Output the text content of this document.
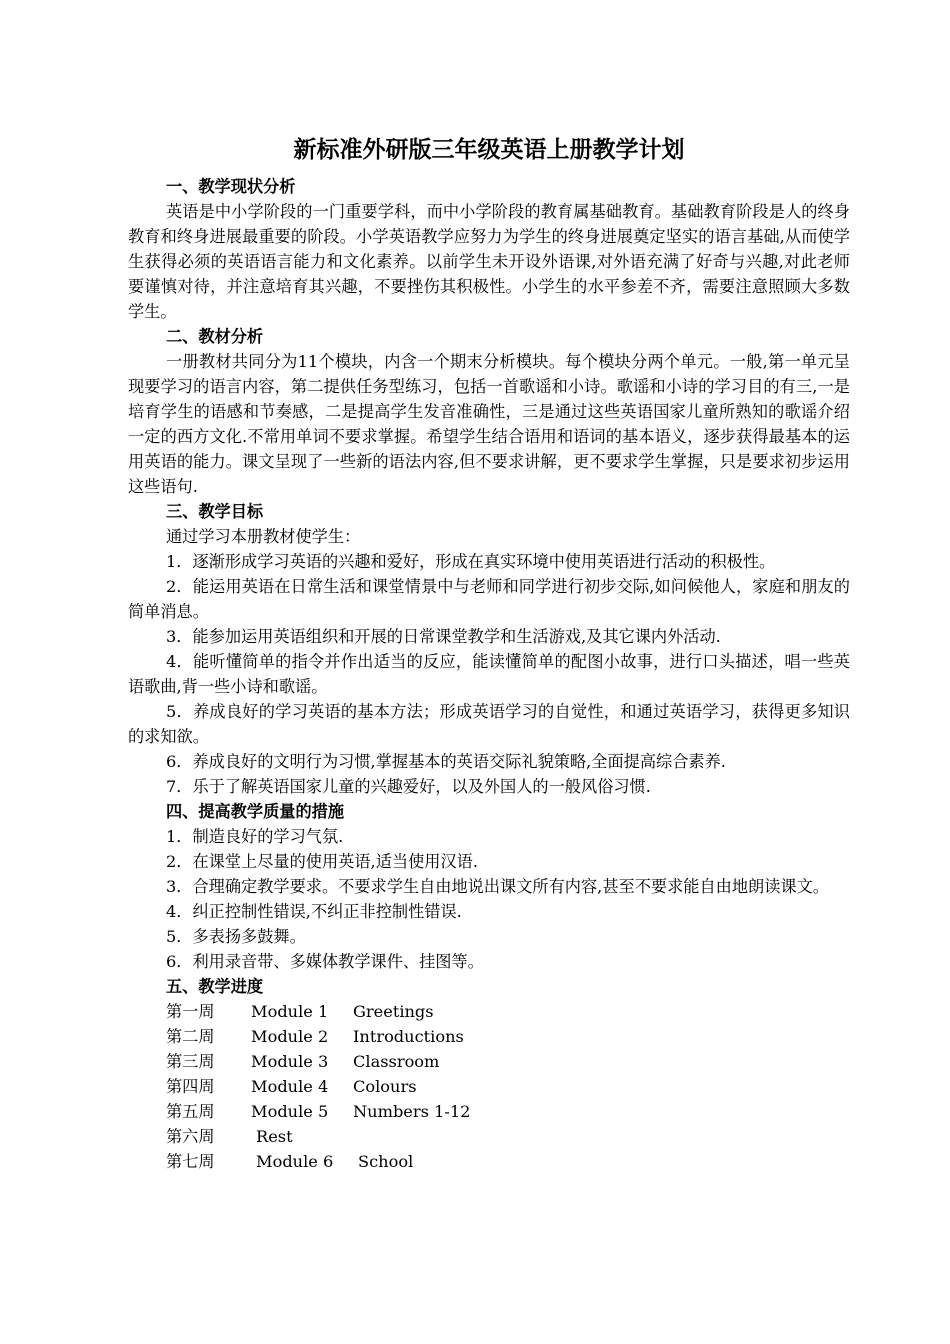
新标准外研版三年级英语上册教学计划

一、教学现状分析

英语是中小学阶段的一门重要学科，而中小学阶段的教育属基础教育。基础教育阶段是人的终身教育和终身进展最重要的阶段。小学英语教学应努力为学生的终身进展奠定坚实的语言基础,从而使学生获得必须的英语语言能力和文化素养。以前学生未开设外语课,对外语充满了好奇与兴趣,对此老师要谨慎对待，并注意培育其兴趣，不要挫伤其积极性。小学生的水平参差不齐，需要注意照顾大多数学生。

二、教材分析

一册教材共同分为11个模块，内含一个期末分析模块。每个模块分两个单元。一般,第一单元呈现要学习的语言内容，第二提供任务型练习，包括一首歌谣和小诗。歌谣和小诗的学习目的有三,一是培育学生的语感和节奏感，二是提高学生发音准确性，三是通过这些英语国家儿童所熟知的歌谣介绍一定的西方文化.不常用单词不要求掌握。希望学生结合语用和语词的基本语义，逐步获得最基本的运用英语的能力。课文呈现了一些新的语法内容,但不要求讲解，更不要求学生掌握，只是要求初步运用这些语句.

三、教学目标

通过学习本册教材使学生：

1．逐渐形成学习英语的兴趣和爱好，形成在真实环境中使用英语进行活动的积极性。

2．能运用英语在日常生活和课堂情景中与老师和同学进行初步交际,如问候他人，家庭和朋友的简单消息。

3．能参加运用英语组织和开展的日常课堂教学和生活游戏,及其它课内外活动.

4．能听懂简单的指令并作出适当的反应，能读懂简单的配图小故事，进行口头描述，唱一些英语歌曲,背一些小诗和歌谣。

5．养成良好的学习英语的基本方法；形成英语学习的自觉性，和通过英语学习，获得更多知识的求知欲。

6．养成良好的文明行为习惯,掌握基本的英语交际礼貌策略,全面提高综合素养.

7．乐于了解英语国家儿童的兴趣爱好，以及外国人的一般风俗习惯.

四、提高教学质量的措施

1．制造良好的学习气氛.

2．在课堂上尽量的使用英语,适当使用汉语.

3．合理确定教学要求。不要求学生自由地说出课文所有内容,甚至不要求能自由地朗读课文。

4．纠正控制性错误,不纠正非控制性错误.

5．多表扬多鼓舞。

6．利用录音带、多媒体教学课件、挂图等。

五、教学进度

第一周 Module 1 Greetings
第二周 Module 2 Introductions
第三周 Module 3 Classroom
第四周 Module 4 Colours
第五周 Module 5 Numbers 1-12
第六周	Rest
第七周	Module 6 School
